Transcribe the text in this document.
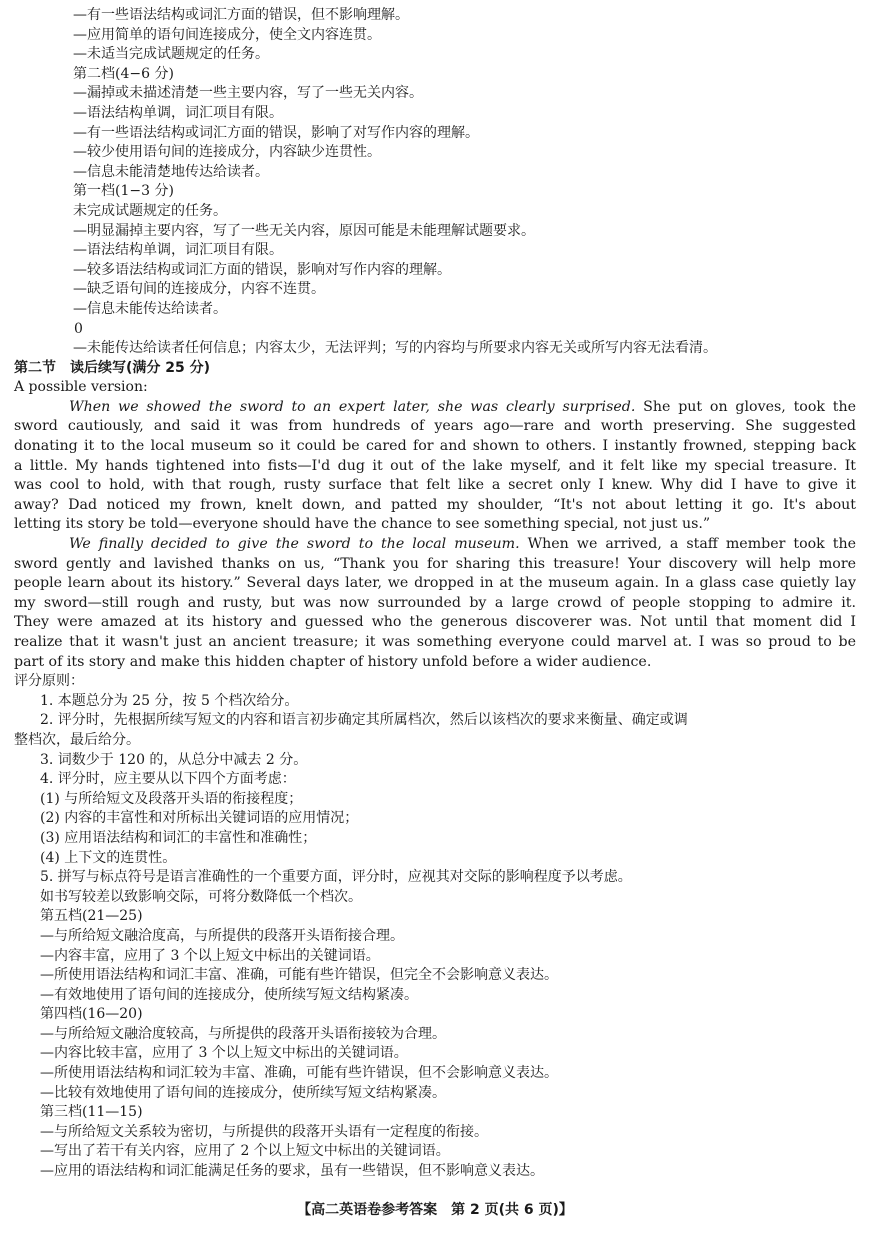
—有一些语法结构或词汇方面的错误，但不影响理解。
—应用简单的语句间连接成分，使全文内容连贯。
—未适当完成试题规定的任务。
第二档(4−6 分)
—漏掉或未描述清楚一些主要内容，写了一些无关内容。
—语法结构单调，词汇项目有限。
—有一些语法结构或词汇方面的错误，影响了对写作内容的理解。
—较少使用语句间的连接成分，内容缺少连贯性。
—信息未能清楚地传达给读者。
第一档(1−3 分)
未完成试题规定的任务。
—明显漏掉主要内容，写了一些无关内容，原因可能是未能理解试题要求。
—语法结构单调，词汇项目有限。
—较多语法结构或词汇方面的错误，影响对写作内容的理解。
—缺乏语句间的连接成分，内容不连贯。
—信息未能传达给读者。
0
—未能传达给读者任何信息；内容太少，无法评判；写的内容均与所要求内容无关或所写内容无法看清。
第二节　读后续写(满分 25 分)
A possible version:
When we showed the sword to an expert later, she was clearly surprised. She put on gloves, took the
sword cautiously, and said it was from hundreds of years ago—rare and worth preserving. She suggested
donating it to the local museum so it could be cared for and shown to others. I instantly frowned, stepping back
a little. My hands tightened into fists—I'd dug it out of the lake myself, and it felt like my special treasure. It
was cool to hold, with that rough, rusty surface that felt like a secret only I knew. Why did I have to give it
away? Dad noticed my frown, knelt down, and patted my shoulder, “It's not about letting it go. It's about
letting its story be told—everyone should have the chance to see something special, not just us.”
We finally decided to give the sword to the local museum. When we arrived, a staff member took the
sword gently and lavished thanks on us, “Thank you for sharing this treasure! Your discovery will help more
people learn about its history.” Several days later, we dropped in at the museum again. In a glass case quietly lay
my sword—still rough and rusty, but was now surrounded by a large crowd of people stopping to admire it.
They were amazed at its history and guessed who the generous discoverer was. Not until that moment did I
realize that it wasn't just an ancient treasure; it was something everyone could marvel at. I was so proud to be
part of its story and make this hidden chapter of history unfold before a wider audience.
评分原则：
1. 本题总分为 25 分，按 5 个档次给分。
2. 评分时，先根据所续写短文的内容和语言初步确定其所属档次，然后以该档次的要求来衡量、确定或调
整档次，最后给分。
3. 词数少于 120 的，从总分中减去 2 分。
4. 评分时，应主要从以下四个方面考虑：
(1) 与所给短文及段落开头语的衔接程度；
(2) 内容的丰富性和对所标出关键词语的应用情况；
(3) 应用语法结构和词汇的丰富性和准确性；
(4) 上下文的连贯性。
5. 拼写与标点符号是语言准确性的一个重要方面，评分时，应视其对交际的影响程度予以考虑。
如书写较差以致影响交际，可将分数降低一个档次。
第五档(21—25)
—与所给短文融洽度高，与所提供的段落开头语衔接合理。
—内容丰富，应用了 3 个以上短文中标出的关键词语。
—所使用语法结构和词汇丰富、准确，可能有些许错误，但完全不会影响意义表达。
—有效地使用了语句间的连接成分，使所续写短文结构紧凑。
第四档(16—20)
—与所给短文融洽度较高，与所提供的段落开头语衔接较为合理。
—内容比较丰富，应用了 3 个以上短文中标出的关键词语。
—所使用语法结构和词汇较为丰富、准确，可能有些许错误，但不会影响意义表达。
—比较有效地使用了语句间的连接成分，使所续写短文结构紧凑。
第三档(11—15)
—与所给短文关系较为密切，与所提供的段落开头语有一定程度的衔接。
—写出了若干有关内容，应用了 2 个以上短文中标出的关键词语。
—应用的语法结构和词汇能满足任务的要求，虽有一些错误，但不影响意义表达。
【高二英语卷参考答案　第 2 页(共 6 页)】
